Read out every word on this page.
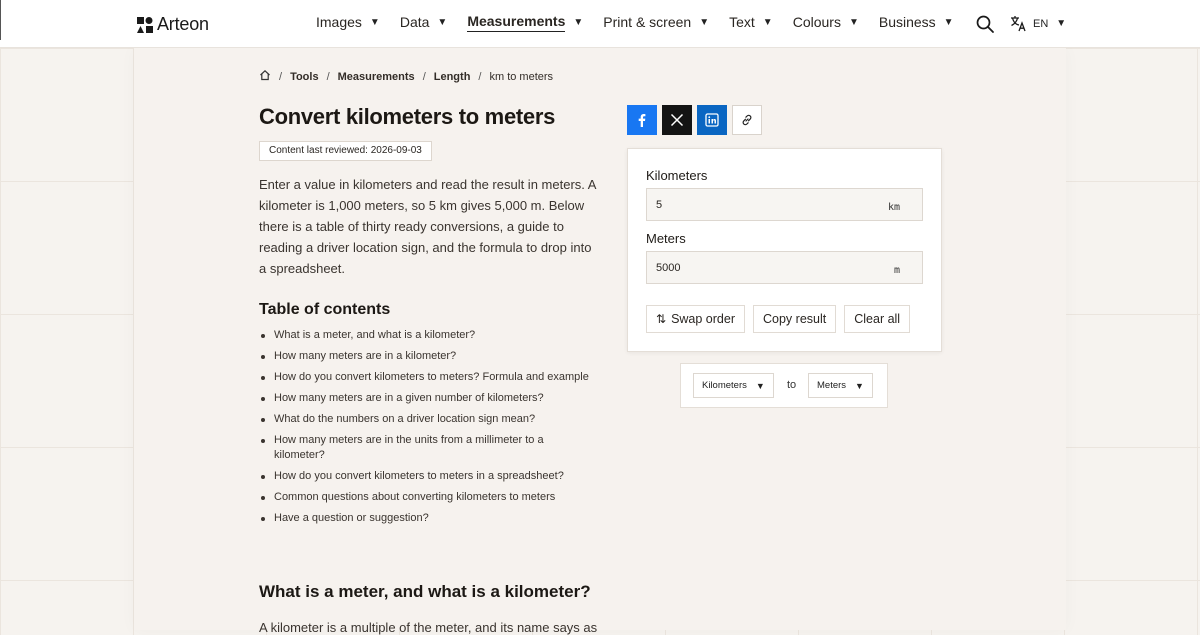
Arteon	Images ▼ Data ▼ Measurements ▼ Print & screen ▼ Text ▼ Colours ▼ Business ▼	EN ▼
/ Tools / Measurements / Length / km to meters
Convert kilometers to meters
Content last reviewed: 2026-09-03

Enter a value in kilometers and read the result in meters. A kilometer is 1,000 meters, so 5 km gives 5,000 m. Below there is a table of thirty ready conversions, a guide to reading a driver location sign, and the formula to drop into a spreadsheet.

Table of contents
What is a meter, and what is a kilometer?
How many meters are in a kilometer?
How do you convert kilometers to meters? Formula and example
How many meters are in a given number of kilometers?
What do the numbers on a driver location sign mean?
How many meters are in the units from a millimeter to a kilometer?
How do you convert kilometers to meters in a spreadsheet?
Common questions about converting kilometers to meters
Have a question or suggestion?
What is a meter, and what is a kilometer?

A kilometer is a multiple of the meter, and its name says as

Kilometers
5	km
Meters
5000	m
⇅ Swap order Copy result Clear all
Kilometers ▼ to Meters ▼
